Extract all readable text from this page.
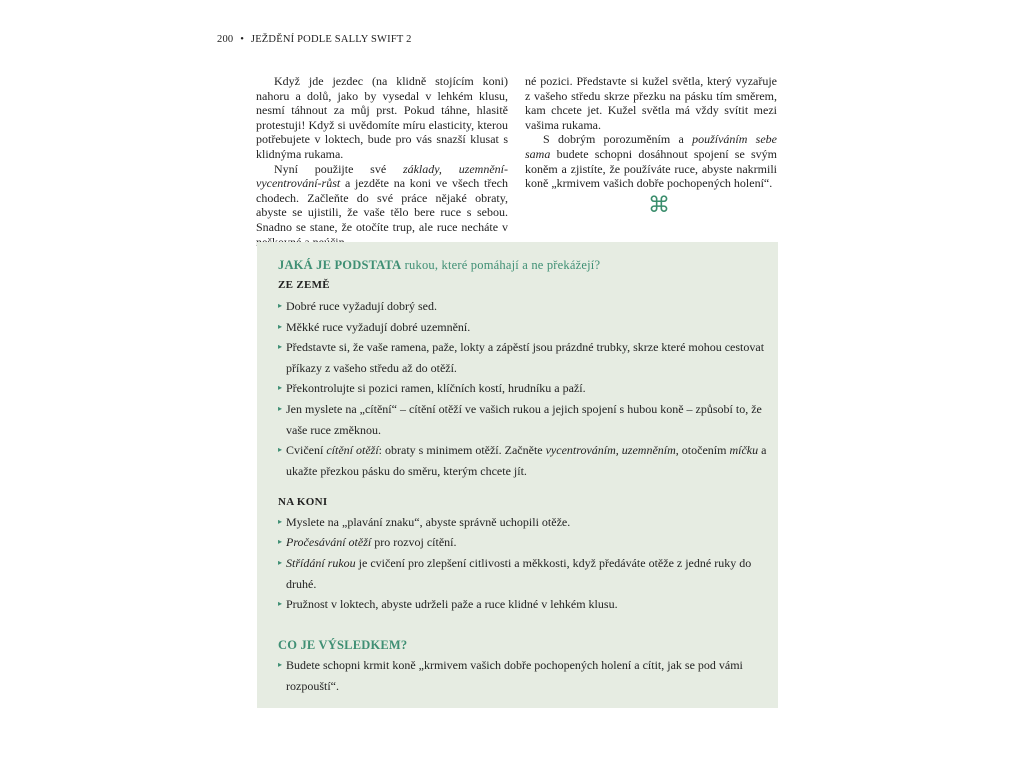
200 • JEŽDĚNÍ PODLE SALLY SWIFT 2

Když jde jezdec (na klidně stojícím koni) nahoru a dolů, jako by vysedal v lehkém klusu, nesmí táhnout za můj prst. Pokud táhne, hlasitě protestuji! Když si uvědomíte míru elasticity, kterou potřebujete v loktech, bude pro vás snazší klusat s klidnýma rukama.

Nyní použijte své základy, uzemnění-vycentrování-růst a jezděte na koni ve všech třech chodech. Začleňte do své práce nějaké obraty, abyste se ujistili, že vaše tělo bere ruce s sebou. Snadno se stane, že otočíte trup, ale ruce necháte v

né pozici. Představte si kužel světla, který vyzařuje z vašeho středu skrze přezku na pásku tím směrem, kam chcete jet. Kužel světla má vždy svítit mezi vašima rukama.

S dobrým porozuměním a používáním sebe sama budete schopni dosáhnout spojení se svým koněm a zjistíte, že používáte ruce, abyste nakrmili koně „krmivem vašich dobře pochopených holení“.

⌘
JAKÁ JE PODSTATA rukou, které pomáhají a ne překážejí?
ZE ZEMĚ
▸ Dobré ruce vyžadují dobrý sed.
▸ Měkké ruce vyžadují dobré uzemnění.
▸ Představte si, že vaše ramena, paže, lokty a zápěstí jsou prázdné trubky, skrze které mohou cestovat příkazy z vašeho středu až do otěží.
▸ Překontrolujte si pozici ramen, klíčních kostí, hrudníku a paží.
▸ Jen myslete na „cítění“ – cítění otěží ve vašich rukou a jejich spojení s hubou koně – způsobí to, že vaše ruce změknou.
▸ Cvičení cítění otěží: obraty s minimem otěží. Začněte vycentrováním, uzemněním, otočením míčku a ukažte přezkou pásku do směru, kterým chcete jít.
NA KONI
▸ Myslete na „plavání znaku“, abyste správně uchopili otěže.
▸ Pročesávání otěží pro rozvoj cítění.
▸ Střídání rukou je cvičení pro zlepšení citlivosti a měkkosti, když předáváte otěže z jedné ruky do druhé.
▸ Pružnost v loktech, abyste udrželi paže a ruce klidné v lehkém klusu.
CO JE VÝSLEDKEM?
▸ Budete schopni krmit koně „krmivem vašich dobře pochopených holení a cítit, jak se pod vámi rozpouští“.
